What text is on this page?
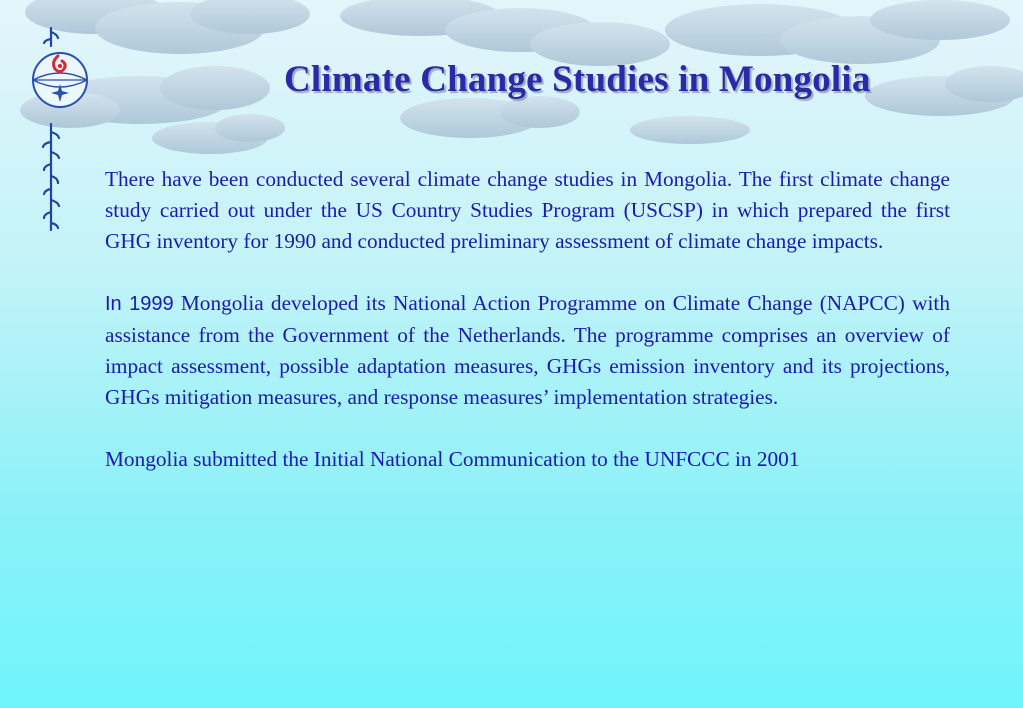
Climate Change Studies in Mongolia

There have been conducted several climate change studies in Mongolia. The first climate change study carried out under the US Country Studies Program (USCSP) in which prepared the first GHG inventory for 1990 and conducted preliminary assessment of climate change impacts.

In 1999 Mongolia developed its National Action Programme on Climate Change (NAPCC) with assistance from the Government of the Netherlands. The programme comprises an overview of impact assessment, possible adaptation measures, GHGs emission inventory and its projections, GHGs mitigation measures, and response measures’ implementation strategies.

Mongolia submitted the Initial National Communication to the UNFCCC in 2001
